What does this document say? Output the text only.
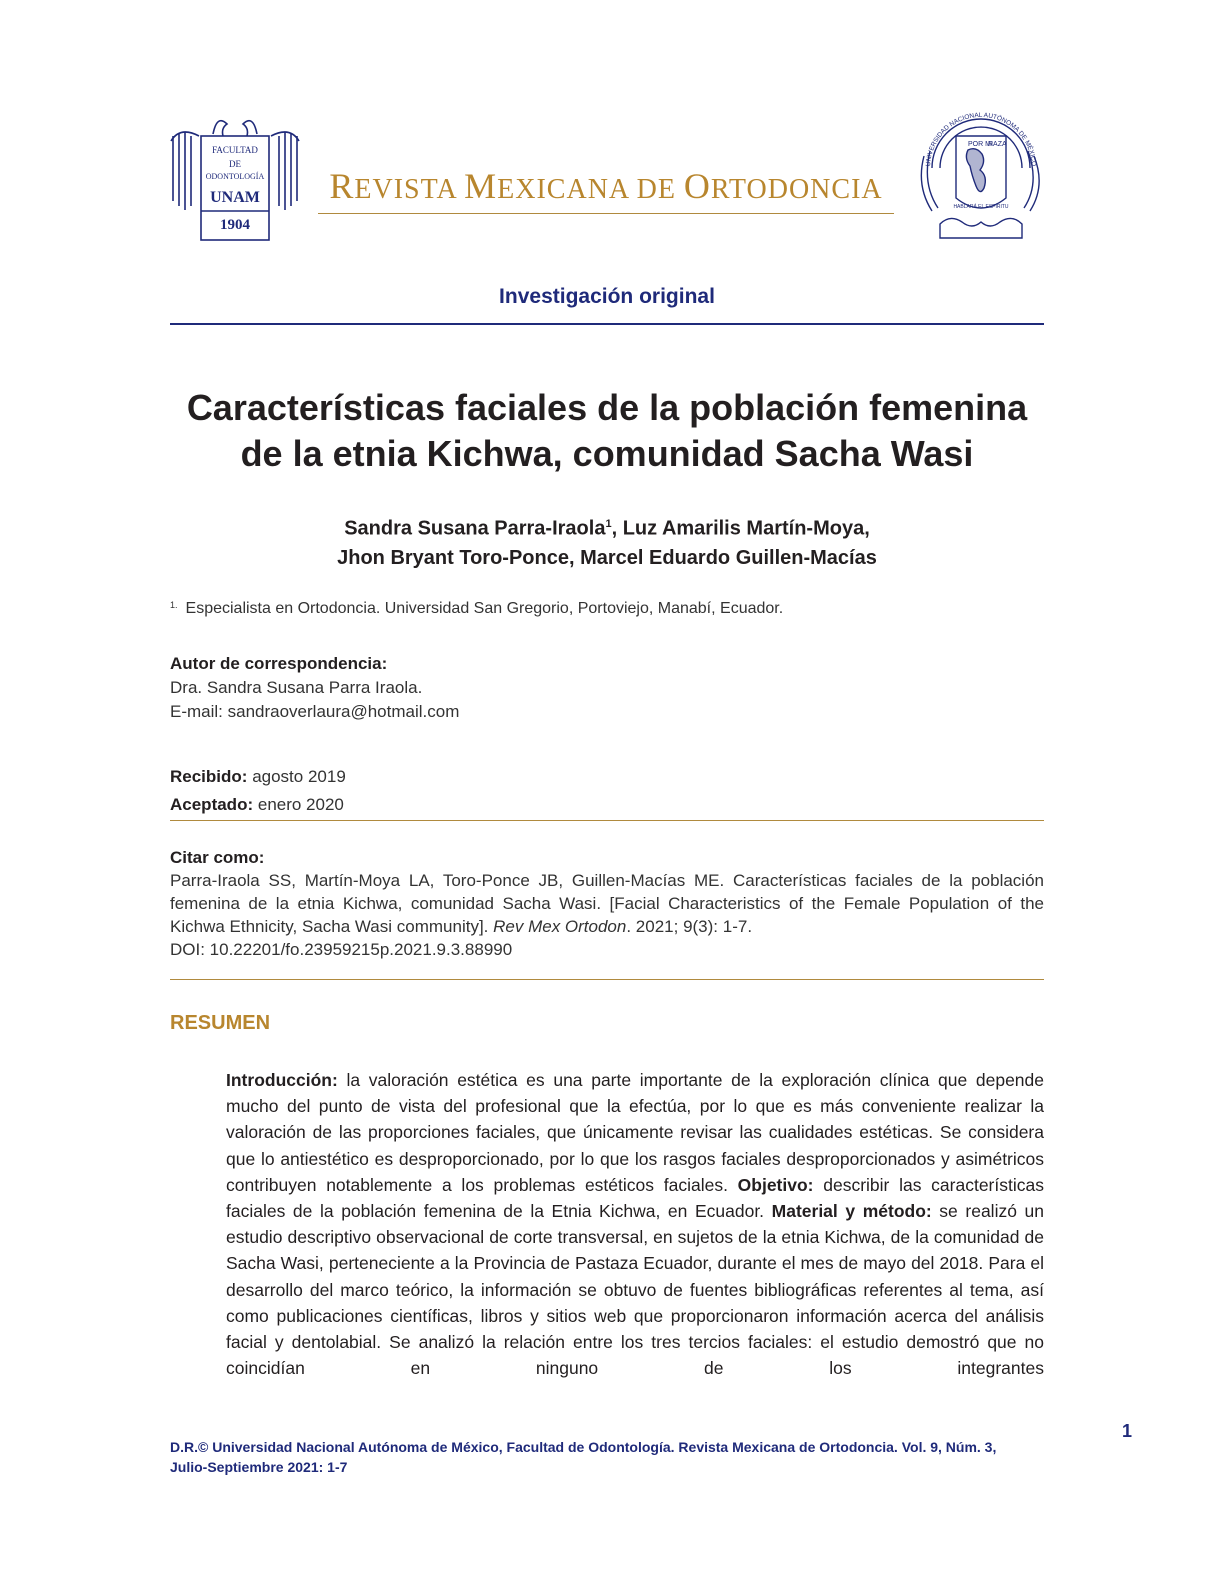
FACULTAD
DE
ODONTOLOGÍA
UNAM
1904
REVISTA MEXICANA DE ORTODONCIA
UNIVERSIDAD NACIONAL AUTÓNOMA DE MÉXICO
POR MI
RAZA
HABLARÁ EL ESPÍRITU
Investigación original
Características faciales de la población femenina
de la etnia Kichwa, comunidad Sacha Wasi
Sandra Susana Parra-Iraola$^1$, Luz Amarilis Martín-Moya,
Jhon Bryant Toro-Ponce, Marcel Eduardo Guillen-Macías
$^{1.}$ Especialista en Ortodoncia. Universidad San Gregorio, Portoviejo, Manabí, Ecuador.
Autor de correspondencia:
Dra. Sandra Susana Parra Iraola.
E-mail: sandraoverlaura@hotmail.com
Recibido: agosto 2019
Aceptado: enero 2020
Citar como:
Parra-Iraola SS, Martín-Moya LA, Toro-Ponce JB, Guillen-Macías ME. Características faciales de la población femenina de la etnia Kichwa, comunidad Sacha Wasi. [Facial Characteristics of the Female Population of the Kichwa Ethnicity, Sacha Wasi community]. Rev Mex Ortodon. 2021; 9(3): 1-7.
DOI: 10.22201/fo.23959215p.2021.9.3.88990
RESUMEN
Introducción: la valoración estética es una parte importante de la exploración clínica que depende mucho del punto de vista del profesional que la efectúa, por lo que es más conveniente realizar la valoración de las proporciones faciales, que únicamente revisar las cualidades estéticas. Se considera que lo antiestético es desproporcionado, por lo que los rasgos faciales desproporcionados y asimétricos contribuyen notablemente a los problemas estéticos faciales. Objetivo: describir las características faciales de la población femenina de la Etnia Kichwa, en Ecuador. Material y método: se realizó un estudio descriptivo observacional de corte transversal, en sujetos de la etnia Kichwa, de la comunidad de Sacha Wasi, perteneciente a la Provincia de Pastaza Ecuador, durante el mes de mayo del 2018. Para el desarrollo del marco teórico, la información se obtuvo de fuentes bibliográficas referentes al tema, así como publicaciones científicas, libros y sitios web que proporcionaron información acerca del análisis facial y dentolabial. Se analizó la relación entre los tres tercios faciales: el estudio demostró que no coincidían en ninguno de los integrantes
D.R.© Universidad Nacional Autónoma de México, Facultad de Odontología. Revista Mexicana de Ortodoncia. Vol. 9, Núm. 3,
Julio-Septiembre 2021: 1-7
1
